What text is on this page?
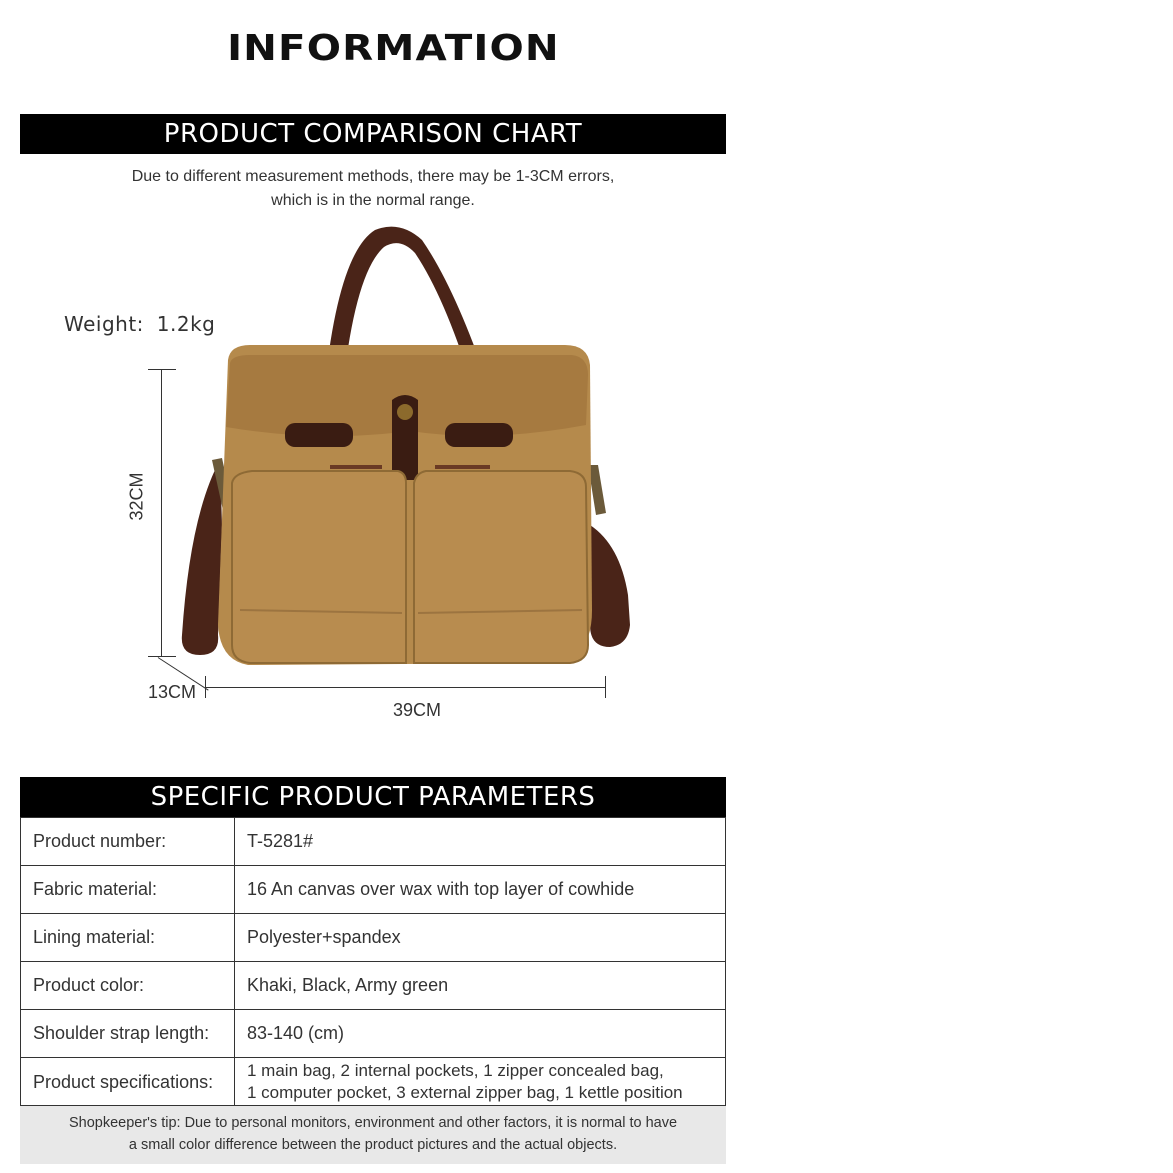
INFORMATION
PRODUCT COMPARISON CHART
Due to different measurement methods, there may be 1-3CM errors,
which is in the normal range.
Weight: 1.2kg
32CM
13CM
39CM
SPECIFIC PRODUCT PARAMETERS
Product number:	T-5281#
Fabric material:	16 An canvas over wax with top layer of cowhide
Lining material:	Polyester+spandex
Product color:	Khaki, Black, Army green
Shoulder strap length:	83-140 (cm)
Product specifications:	1 main bag, 2 internal pockets, 1 zipper concealed bag,
1 computer pocket, 3 external zipper bag, 1 kettle position
Shopkeeper's tip: Due to personal monitors, environment and other factors, it is normal to have
a small color difference between the product pictures and the actual objects.
